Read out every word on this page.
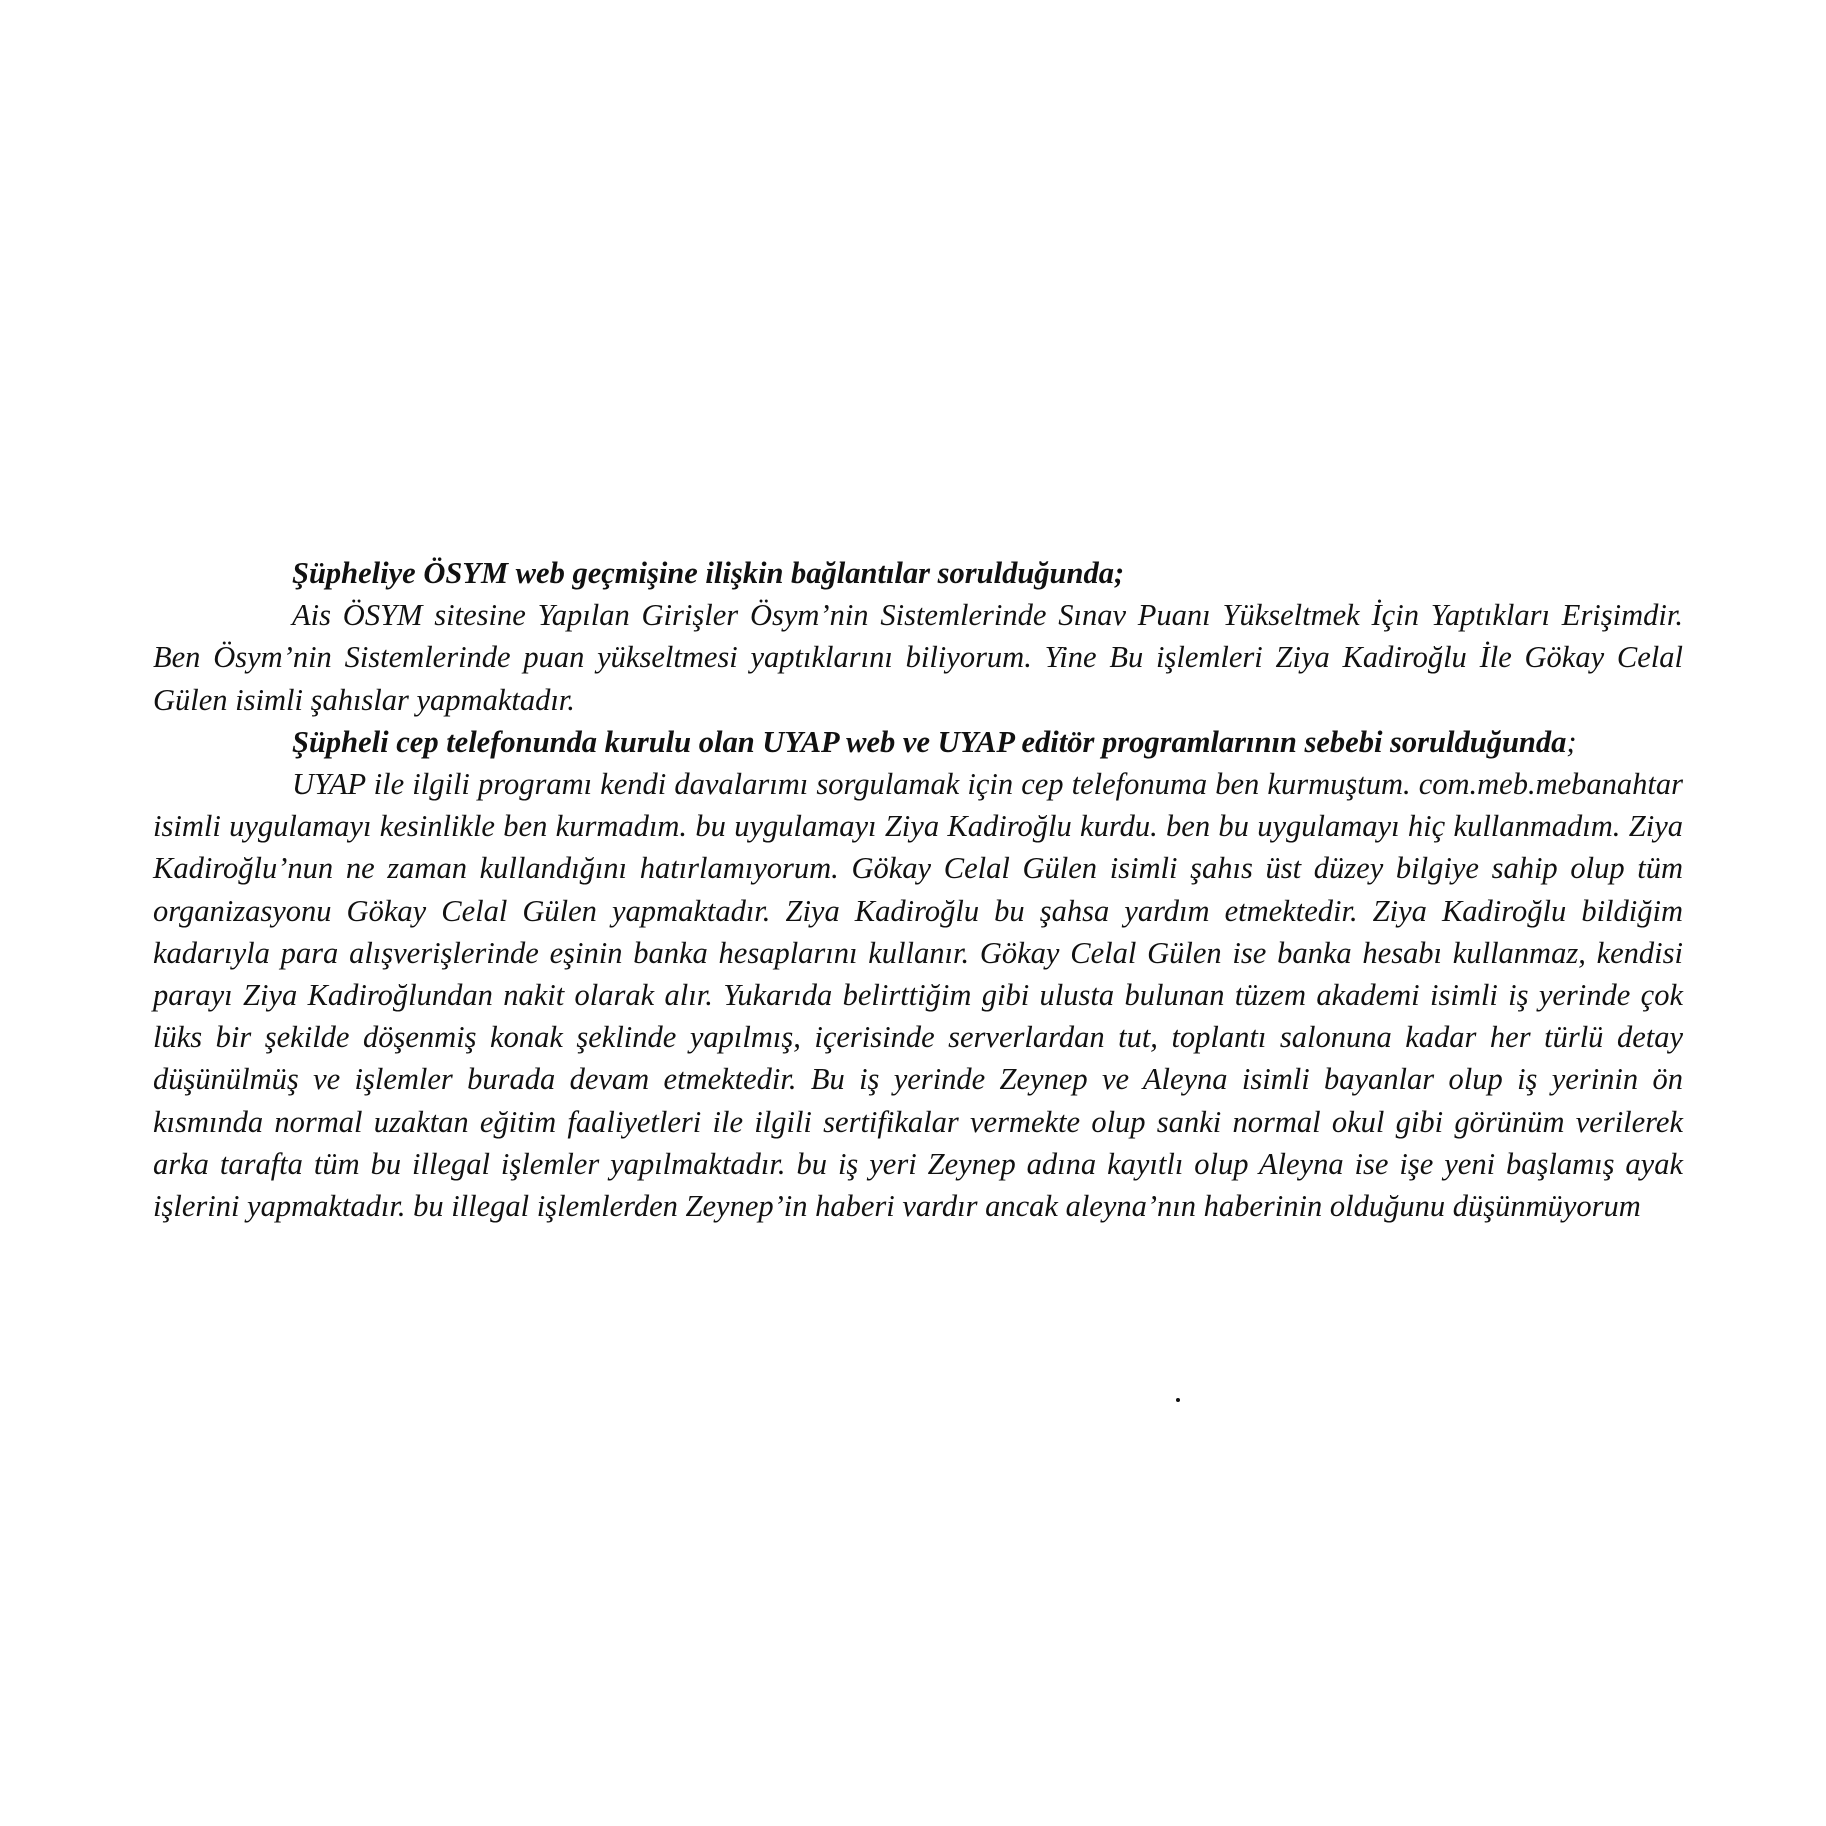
Şüpheliye ÖSYM web geçmişine ilişkin bağlantılar sorulduğunda;

Ais ÖSYM sitesine Yapılan Girişler Ösym’nin Sistemlerinde Sınav Puanı Yükseltmek İçin Yaptıkları Erişimdir. Ben Ösym’nin Sistemlerinde puan yükseltmesi yaptıklarını biliyorum. Yine Bu işlemleri Ziya Kadiroğlu İle Gökay Celal Gülen isimli şahıslar yapmaktadır.

Şüpheli cep telefonunda kurulu olan UYAP web ve UYAP editör programlarının sebebi sorulduğunda;

UYAP ile ilgili programı kendi davalarımı sorgulamak için cep telefonuma ben kurmuştum. com.meb.mebanahtar isimli uygulamayı kesinlikle ben kurmadım. bu uygulamayı Ziya Kadiroğlu kurdu. ben bu uygulamayı hiç kullanmadım. Ziya Kadiroğlu’nun ne zaman kullandığını hatırlamıyorum. Gökay Celal Gülen isimli şahıs üst düzey bilgiye sahip olup tüm organizasyonu Gökay Celal Gülen yapmaktadır. Ziya Kadiroğlu bu şahsa yardım etmektedir. Ziya Kadiroğlu bildiğim kadarıyla para alışverişlerinde eşinin banka hesaplarını kullanır. Gökay Celal Gülen ise banka hesabı kullanmaz, kendisi parayı Ziya Kadiroğlundan nakit olarak alır. Yukarıda belirttiğim gibi ulusta bulunan tüzem akademi isimli iş yerinde çok lüks bir şekilde döşenmiş konak şeklinde yapılmış, içerisinde serverlardan tut, toplantı salonuna kadar her türlü detay düşünülmüş ve işlemler burada devam etmektedir. Bu iş yerinde Zeynep ve Aleyna isimli bayanlar olup iş yerinin ön kısmında normal uzaktan eğitim faaliyetleri ile ilgili sertifikalar vermekte olup sanki normal okul gibi görünüm verilerek arka tarafta tüm bu illegal işlemler yapılmaktadır. bu iş yeri Zeynep adına kayıtlı olup Aleyna ise işe yeni başlamış ayak işlerini yapmaktadır. bu illegal işlemlerden Zeynep’in haberi vardır ancak aleyna’nın haberinin olduğunu düşünmüyorum
